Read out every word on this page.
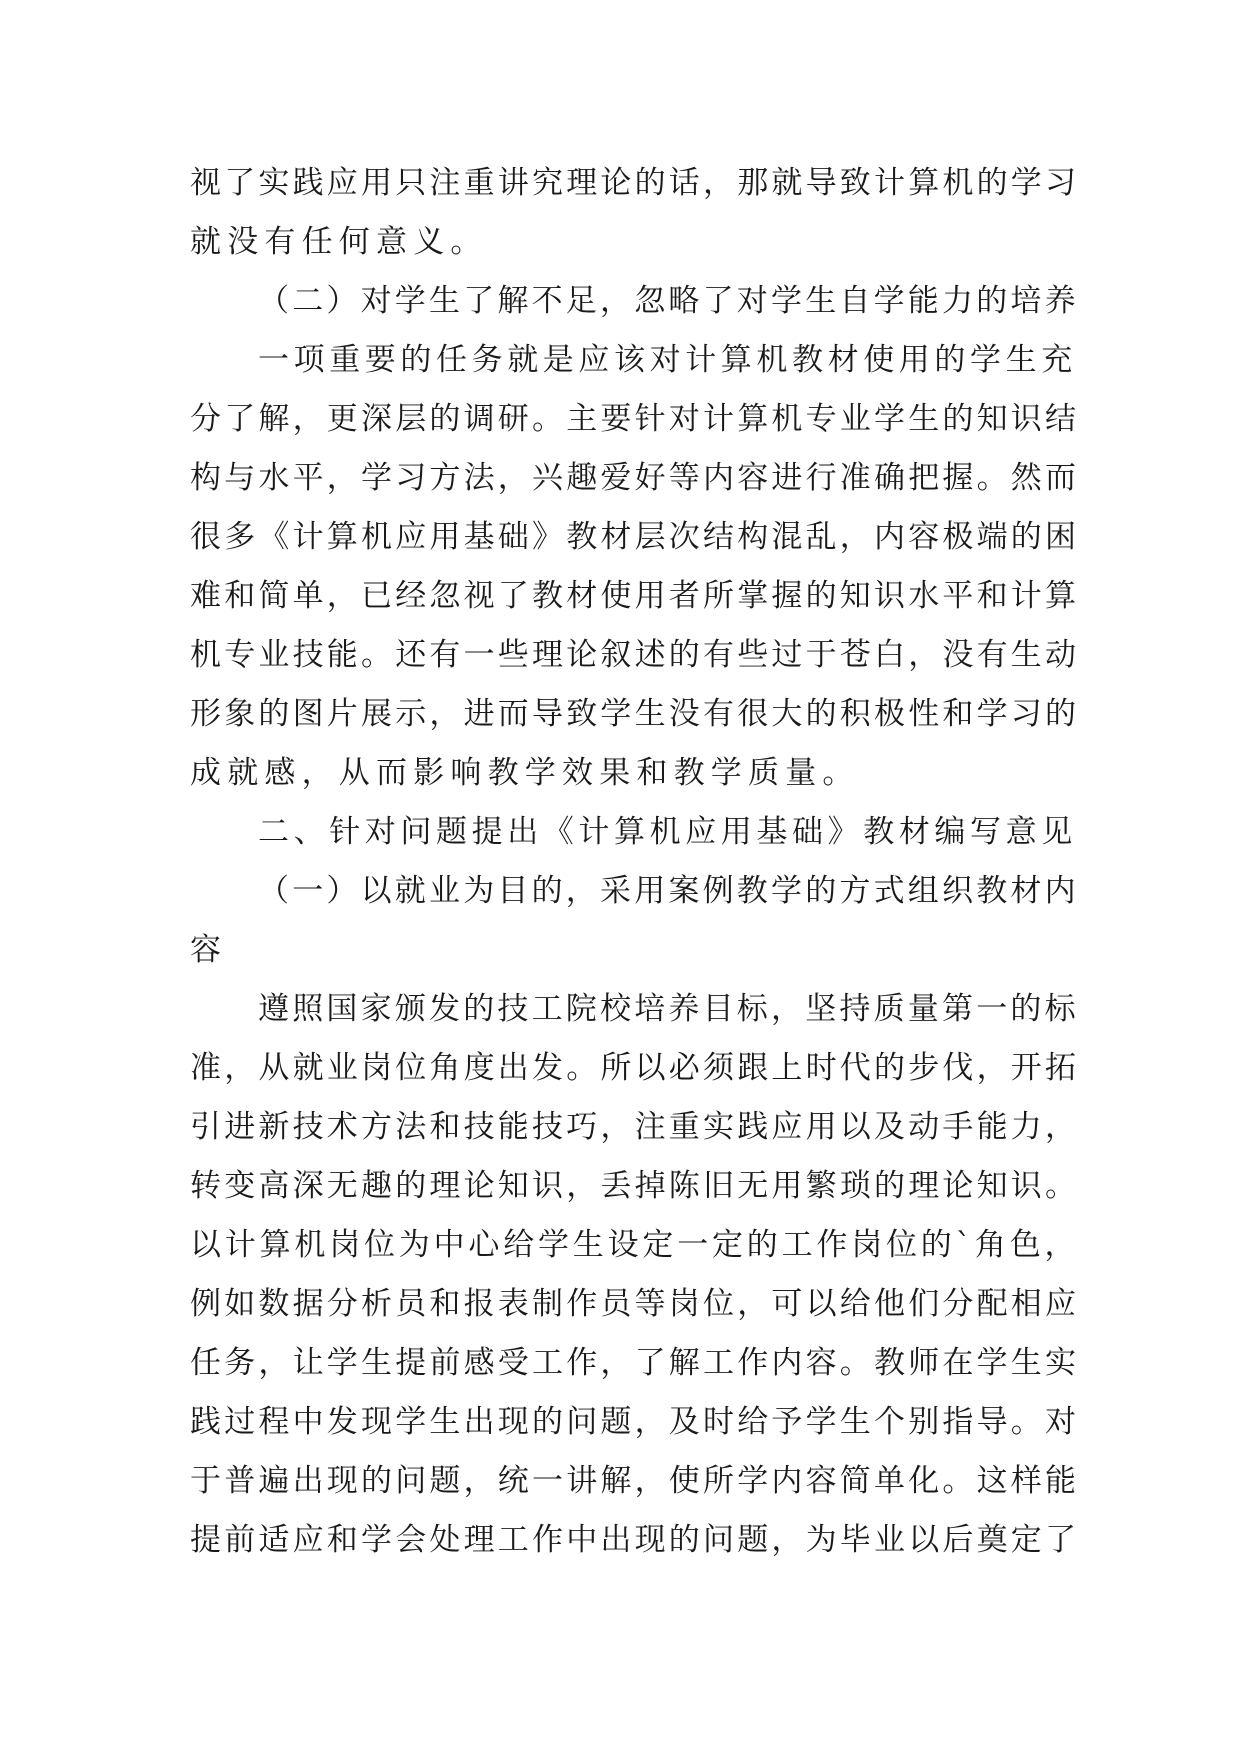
视了实践应用只注重讲究理论的话，那就导致计算机的学习
就没有任何意义。
（二）对学生了解不足，忽略了对学生自学能力的培养
一项重要的任务就是应该对计算机教材使用的学生充
分了解，更深层的调研。主要针对计算机专业学生的知识结
构与水平，学习方法，兴趣爱好等内容进行准确把握。然而
很多《计算机应用基础》教材层次结构混乱，内容极端的困
难和简单，已经忽视了教材使用者所掌握的知识水平和计算
机专业技能。还有一些理论叙述的有些过于苍白，没有生动
形象的图片展示，进而导致学生没有很大的积极性和学习的
成就感，从而影响教学效果和教学质量。
二、针对问题提出《计算机应用基础》教材编写意见
（一）以就业为目的，采用案例教学的方式组织教材内
容
遵照国家颁发的技工院校培养目标，坚持质量第一的标
准，从就业岗位角度出发。所以必须跟上时代的步伐，开拓
引进新技术方法和技能技巧，注重实践应用以及动手能力，
转变高深无趣的理论知识，丢掉陈旧无用繁琐的理论知识。
以计算机岗位为中心给学生设定一定的工作岗位的`角色，
例如数据分析员和报表制作员等岗位，可以给他们分配相应
任务，让学生提前感受工作，了解工作内容。教师在学生实
践过程中发现学生出现的问题，及时给予学生个别指导。对
于普遍出现的问题，统一讲解，使所学内容简单化。这样能
提前适应和学会处理工作中出现的问题，为毕业以后奠定了
